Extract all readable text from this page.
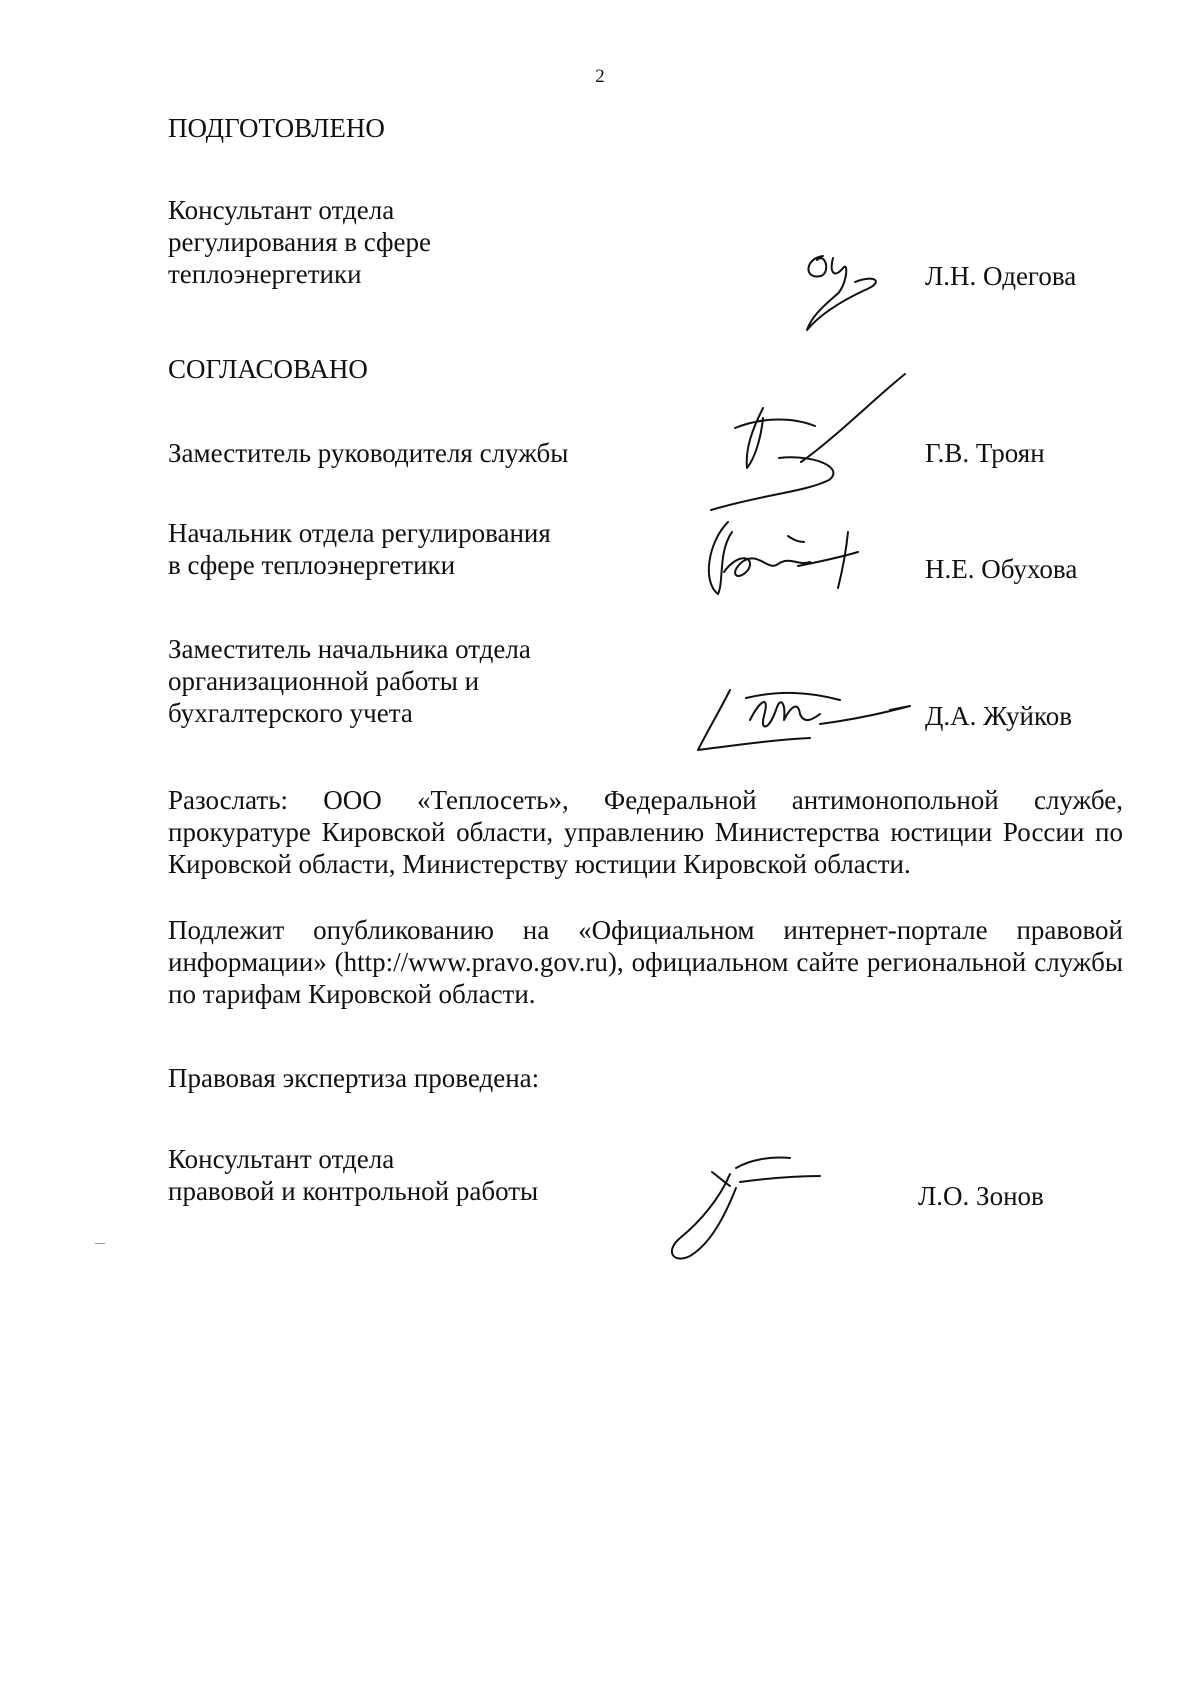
2

ПОДГОТОВЛЕНО

Консультант отдела
регулирования в сфере
теплоэнергетики	Л.Н. Одегова

СОГЛАСОВАНО

Заместитель руководителя службы	Г.В. Троян

Начальник отдела регулирования
в сфере теплоэнергетики	Н.Е. Обухова

Заместитель начальника отдела
организационной работы и
бухгалтерского учета	Д.А. Жуйков

Разослать: ООО «Теплосеть», Федеральной антимонопольной службе, прокуратуре Кировской области, управлению Министерства юстиции России по Кировской области, Министерству юстиции Кировской области.

Подлежит опубликованию на «Официальном интернет-портале правовой информации» (http://www.pravo.gov.ru), официальном сайте региональной службы по тарифам Кировской области.

Правовая экспертиза проведена:

Консультант отдела
правовой и контрольной работы	Л.О. Зонов
